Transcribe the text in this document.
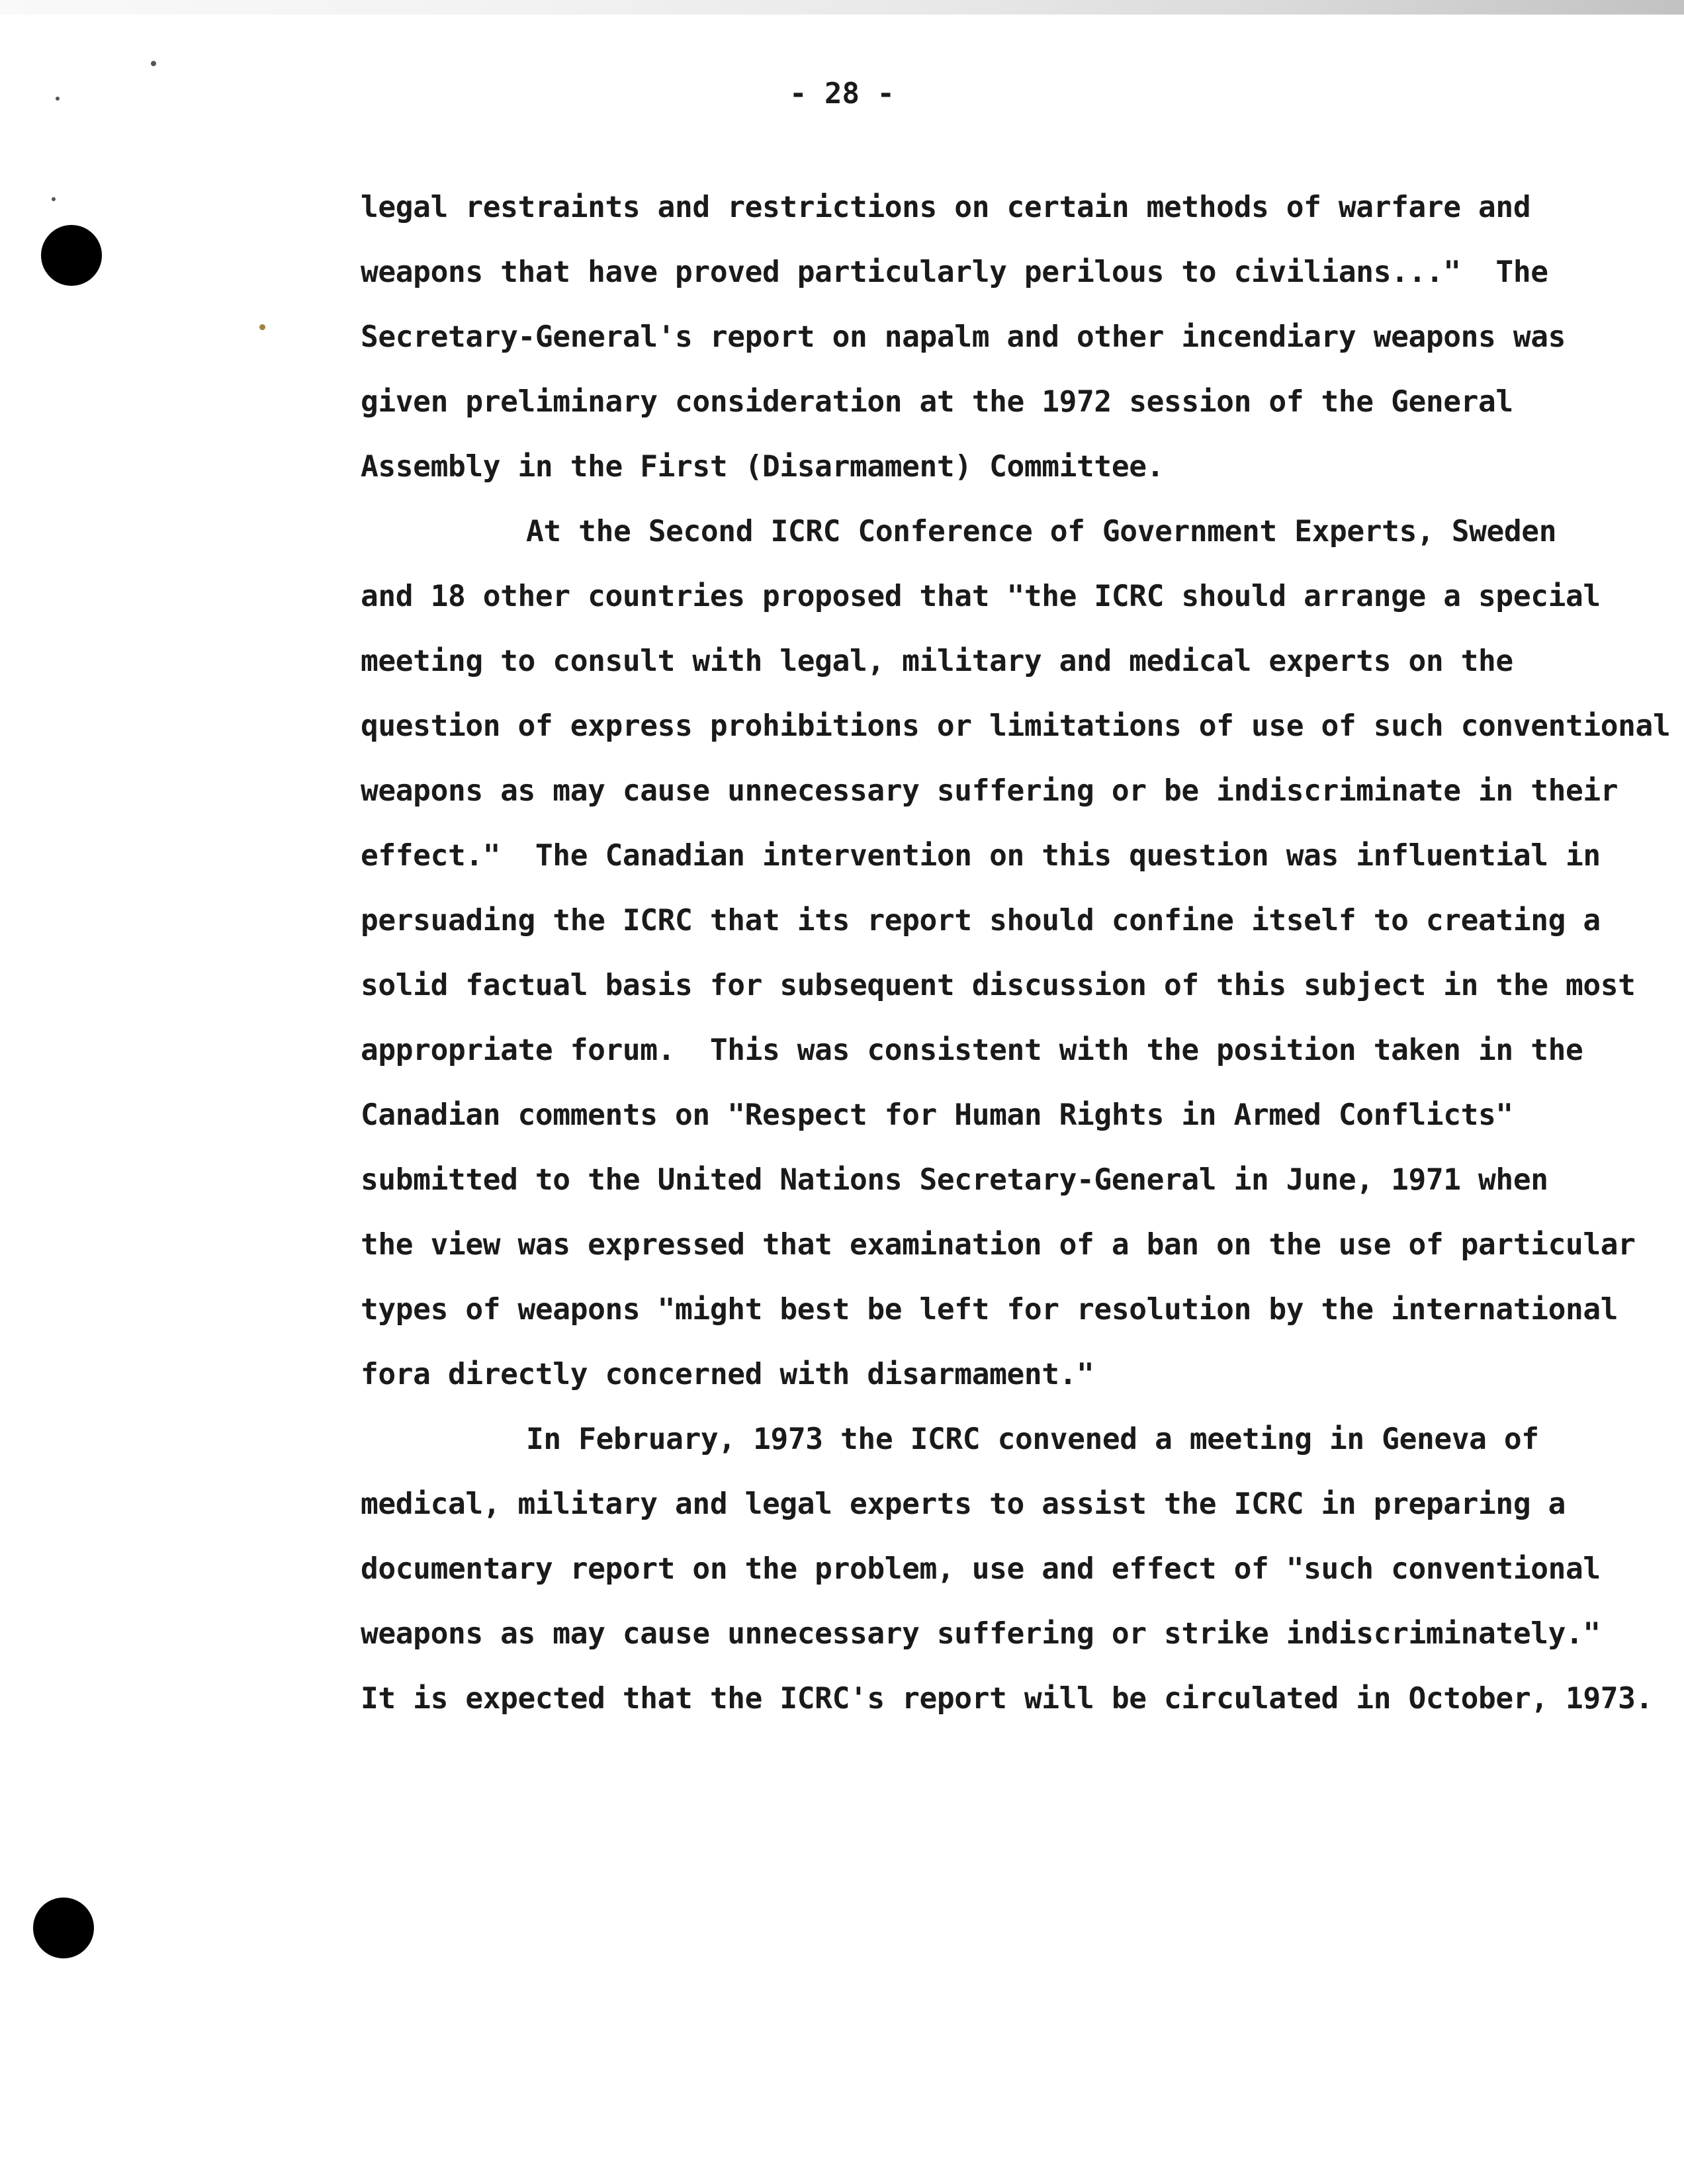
- 28 -

legal restraints and restrictions on certain methods of warfare and
weapons that have proved particularly perilous to civilians..."  The
Secretary-General's report on napalm and other incendiary weapons was
given preliminary consideration at the 1972 session of the General
Assembly in the First (Disarmament) Committee.
At the Second ICRC Conference of Government Experts, Sweden
and 18 other countries proposed that "the ICRC should arrange a special
meeting to consult with legal, military and medical experts on the
question of express prohibitions or limitations of use of such conventional
weapons as may cause unnecessary suffering or be indiscriminate in their
effect."  The Canadian intervention on this question was influential in
persuading the ICRC that its report should confine itself to creating a
solid factual basis for subsequent discussion of this subject in the most
appropriate forum.  This was consistent with the position taken in the
Canadian comments on "Respect for Human Rights in Armed Conflicts"
submitted to the United Nations Secretary-General in June, 1971 when
the view was expressed that examination of a ban on the use of particular
types of weapons "might best be left for resolution by the international
fora directly concerned with disarmament."
In February, 1973 the ICRC convened a meeting in Geneva of
medical, military and legal experts to assist the ICRC in preparing a
documentary report on the problem, use and effect of "such conventional
weapons as may cause unnecessary suffering or strike indiscriminately."
It is expected that the ICRC's report will be circulated in October, 1973.
